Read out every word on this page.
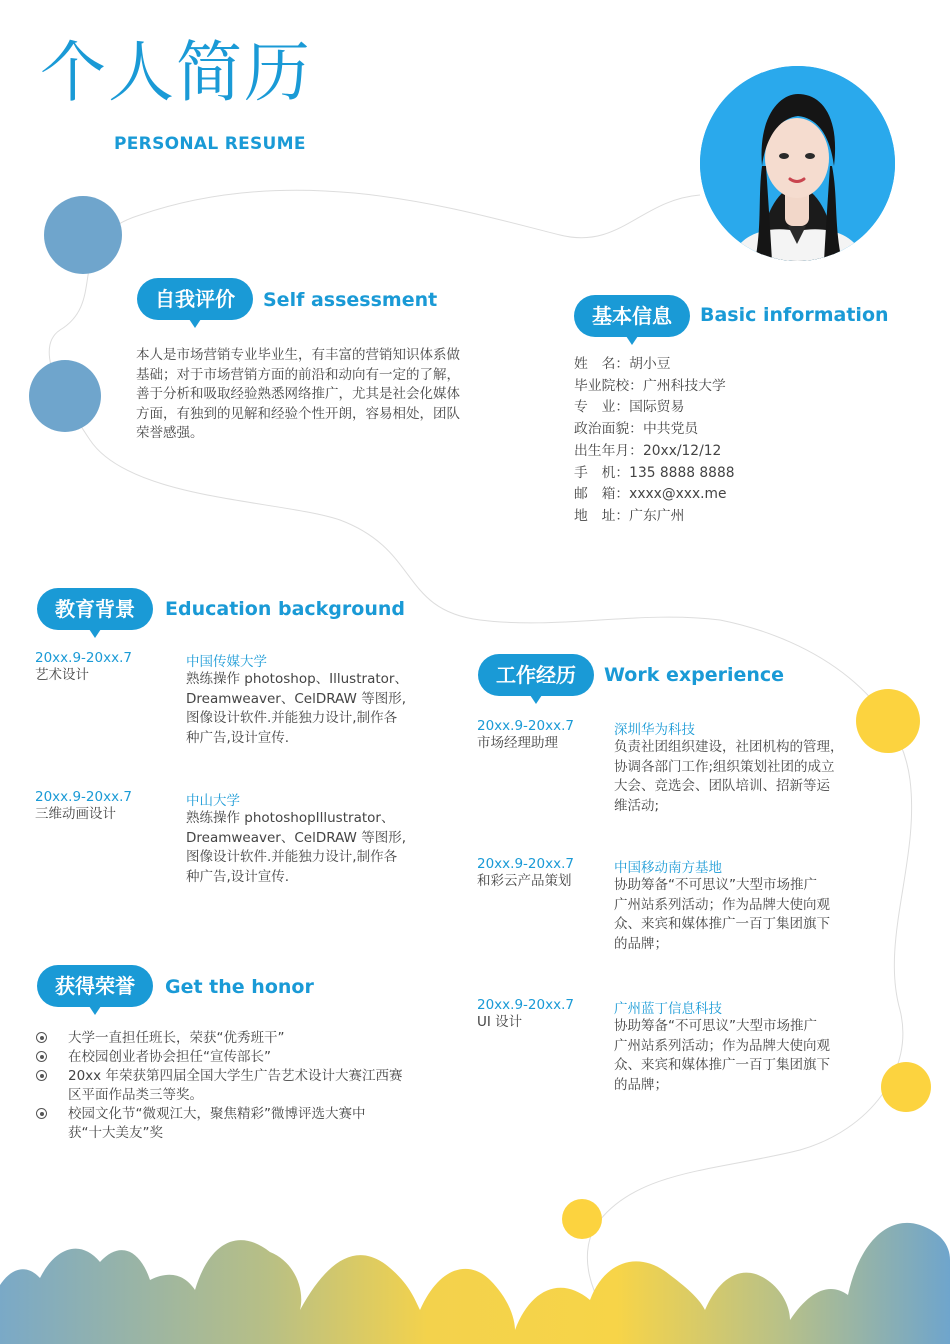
个人简历
PERSONAL RESUME
自我评价	Self assessment
本人是市场营销专业毕业生，有丰富的营销知识体系做
基础；对于市场营销方面的前沿和动向有一定的了解，
善于分析和吸取经验熟悉网络推广，尤其是社会化媒体
方面，有独到的见解和经验个性开朗，容易相处，团队
荣誉感强。
基本信息	Basic information
姓　名：胡小豆
毕业院校：广州科技大学
专　业：国际贸易
政治面貌：中共党员
出生年月：20xx/12/12
手　机：135 8888 8888
邮　箱：xxxx@xxx.me
地　址：广东广州
教育背景	Education background
20xx.9-20xx.7
艺术设计
中国传媒大学
熟练操作 photoshop、Illustrator、
Dreamweaver、CelDRAW 等图形,
图像设计软件.并能独力设计,制作各
种广告,设计宣传.
20xx.9-20xx.7
三维动画设计
中山大学
熟练操作 photoshopIllustrator、
Dreamweaver、CelDRAW 等图形,
图像设计软件.并能独力设计,制作各
种广告,设计宣传.
工作经历	Work experience
20xx.9-20xx.7
市场经理助理
深圳华为科技
负责社团组织建设，社团机构的管理，
协调各部门工作;组织策划社团的成立
大会、竞选会、团队培训、招新等运
维活动;
20xx.9-20xx.7
和彩云产品策划
中国移动南方基地
协助筹备“不可思议”大型市场推广
广州站系列活动；作为品牌大使向观
众、来宾和媒体推广一百丁集团旗下
的品牌；
20xx.9-20xx.7
UI 设计
广州蓝丁信息科技
协助筹备“不可思议”大型市场推广
广州站系列活动；作为品牌大使向观
众、来宾和媒体推广一百丁集团旗下
的品牌；
获得荣誉	Get the honor
大学一直担任班长，荣获“优秀班干”
在校园创业者协会担任“宣传部长”
20xx 年荣获第四届全国大学生广告艺术设计大赛江西赛
区平面作品类三等奖。
校园文化节“微观江大，聚焦精彩”微博评选大赛中
获“十大美友”奖
